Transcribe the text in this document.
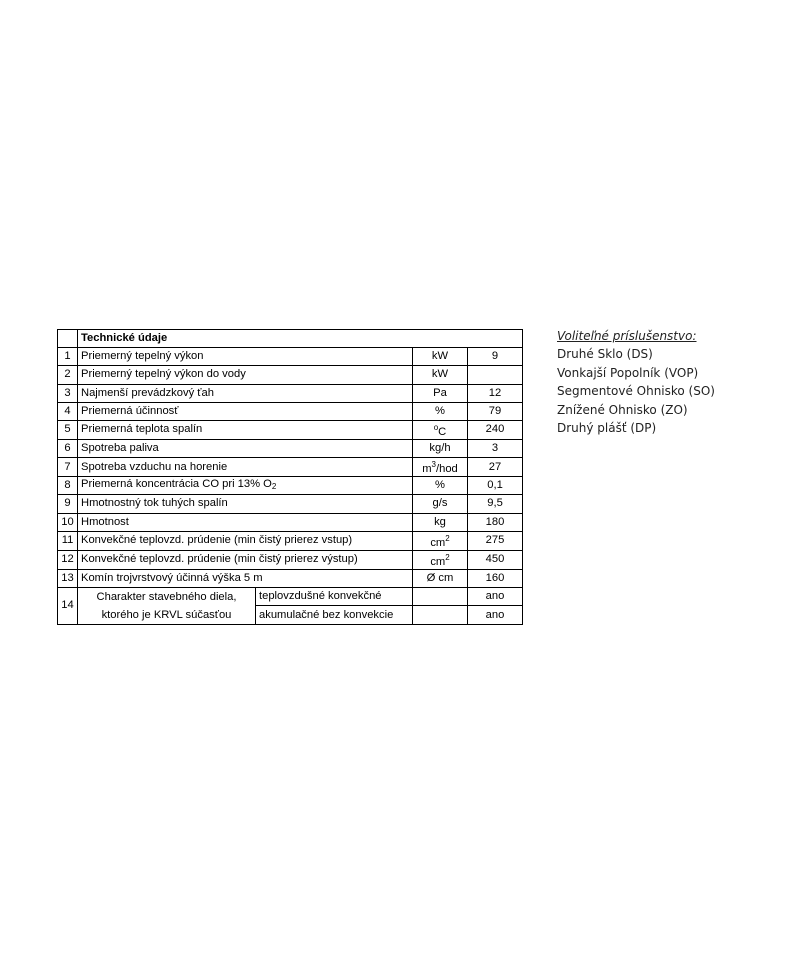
	Technické údaje			
1	Priemerný tepelný výkon		kW	9
2	Priemerný tepelný výkon do vody		kW	
3	Najmenší prevádzkový ťah		Pa	12
4	Priemerná účinnosť		%	79
5	Priemerná teplota spalín		$^o$C	240
6	Spotreba paliva		kg/h	3
7	Spotreba vzduchu na horenie		$m^3$/hod	27
8	Priemerná koncentrácia CO pri 13% $O_2$		%	0,1
9	Hmotnostný tok tuhých spalín		g/s	9,5
10	Hmotnost		kg	180
11	Konvekčné teplovzd. prúdenie (min čistý prierez vstup)		$cm^2$	275
12	Konvekčné teplovzd. prúdenie (min čistý prierez výstup)		$cm^2$	450
13	Komín trojvrstvový účinná výška 5 m		Ø cm	160
14	Charakter stavebného diela,
ktorého je KRVL súčasťou	teplovzdušné konvekčné		ano
		akumulačné bez konvekcie		ano
Voliteľné príslušenstvo:
Druhé Sklo (DS)
Vonkajší Popolník (VOP)
Segmentové Ohnisko (SO)
Znížené Ohnisko (ZO)
Druhý plášť (DP)
